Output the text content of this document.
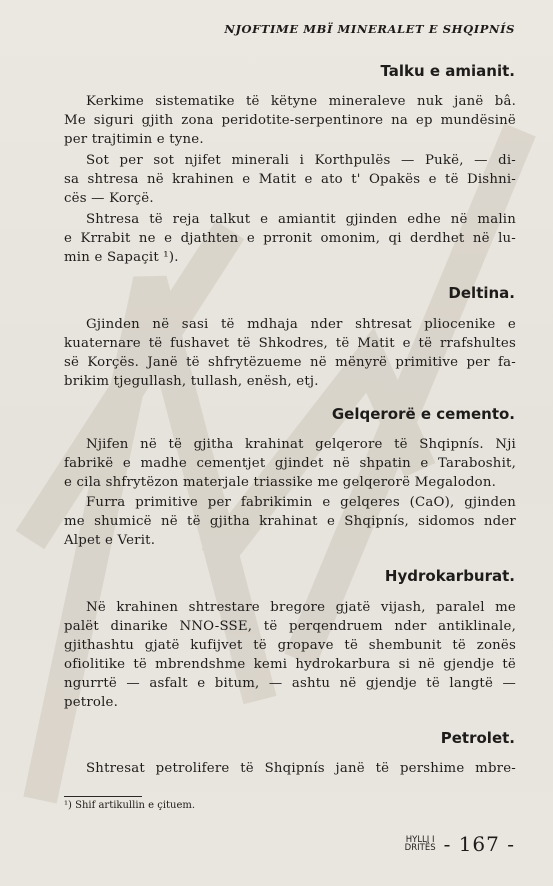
NJOFTIME MBÏ MINERALET E SHQIPNÍS
Talku e amianit.
Kerkime sistematike të këtyne mineraleve nuk janë bâ.
Me siguri gjith zona peridotite-serpentinore na ep mundësinë
per trajtimin e tyne.
Sot per sot njifet minerali i Korthpulës — Pukë, — di-
sa shtresa në krahinen e Matit e ato t' Opakës e të Dishni-
cës — Korçë.
Shtresa të reja talkut e amiantit gjinden edhe në malin
e Krrabit ne e djathten e prronit omonim, qi derdhet në lu-
min e Sapaçit ¹).
Deltina.
Gjinden në sasi të mdhaja nder shtresat pliocenike e
kuaternare të fushavet të Shkodres, të Matit e të rrafshultes
së Korçës. Janë të shfrytëzueme në mënyrë primitive per fa-
brikim tjegullash, tullash, enësh, etj.
Gelqerorë e cemento.
Njifen në të gjitha krahinat gelqerore të Shqipnís. Nji
fabrikë e madhe cementjet gjindet në shpatin e Taraboshit,
e cila shfrytëzon materjale triassike me gelqerorë Megalodon.
Furra primitive per fabrikimin e gelqeres (CaO), gjinden
me shumicë në të gjitha krahinat e Shqipnís, sidomos nder
Alpet e Verit.
Hydrokarburat.
Në krahinen shtrestare bregore gjatë vijash, paralel me
palët dinarike NNO-SSE, të perqendruem nder antiklinale,
gjithashtu gjatë kufijvet të gropave të shembunit të zonës
ofiolitike të mbrendshme kemi hydrokarbura si në gjendje të
ngurrtë — asfalt e bitum, — ashtu në gjendje të langtë —
petrole.
Petrolet.
Shtresat petrolifere të Shqipnís janë të pershime mbre-
¹) Shif artikullin e çituem.
HYLLI I
DRITËS - 167 -
